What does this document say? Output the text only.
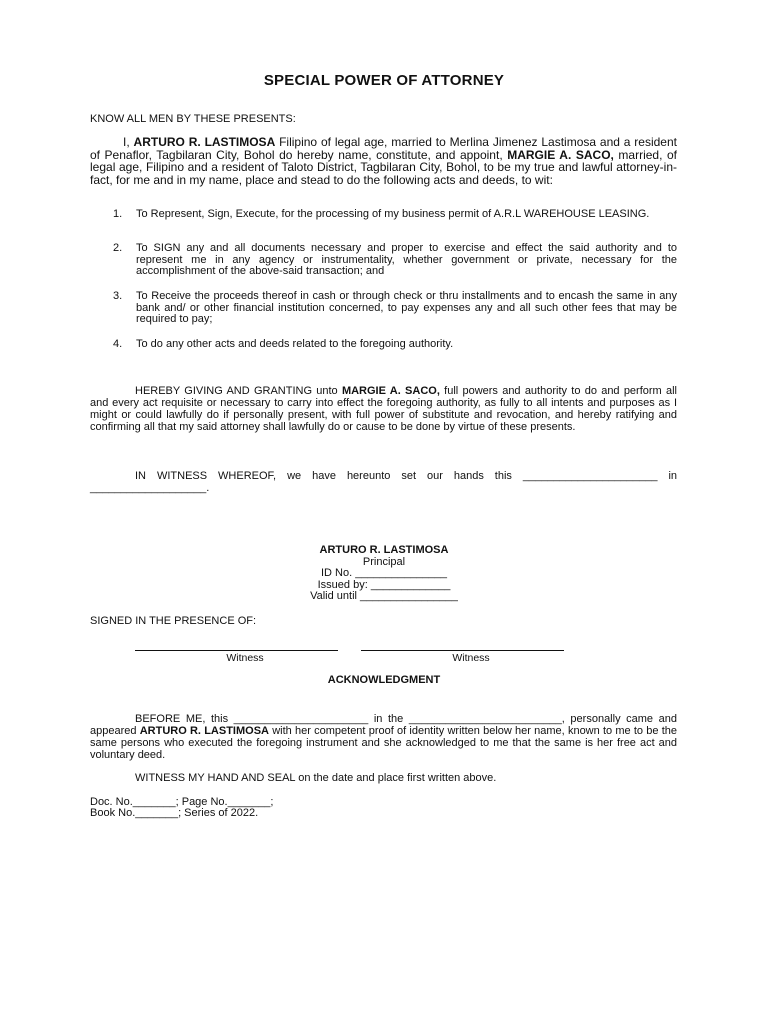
SPECIAL POWER OF ATTORNEY
KNOW ALL MEN BY THESE PRESENTS:
I, ARTURO R. LASTIMOSA Filipino of legal age, married to Merlina Jimenez Lastimosa and a resident of Penaflor, Tagbilaran City, Bohol do hereby name, constitute, and appoint, MARGIE A. SACO, married, of legal age, Filipino and a resident of Taloto District, Tagbilaran City, Bohol, to be my true and lawful attorney-in-fact, for me and in my name, place and stead to do the following acts and deeds, to wit:
1. To Represent, Sign, Execute, for the processing of my business permit of A.R.L WAREHOUSE LEASING.
2. To SIGN any and all documents necessary and proper to exercise and effect the said authority and to represent me in any agency or instrumentality, whether government or private, necessary for the accomplishment of the above-said transaction; and
3. To Receive the proceeds thereof in cash or through check or thru installments and to encash the same in any bank and/ or other financial institution concerned, to pay expenses any and all such other fees that may be required to pay;
4. To do any other acts and deeds related to the foregoing authority.
HEREBY GIVING AND GRANTING unto MARGIE A. SACO, full powers and authority to do and perform all and every act requisite or necessary to carry into effect the foregoing authority, as fully to all intents and purposes as I might or could lawfully do if personally present, with full power of substitute and revocation, and hereby ratifying and confirming all that my said attorney shall lawfully do or cause to be done by virtue of these presents.
IN WITNESS WHEREOF, we have hereunto set our hands this ______________________ in
___________________.
ARTURO R. LASTIMOSA
Principal
ID No. _______________
Issued by: _____________
Valid until ________________
SIGNED IN THE PRESENCE OF:
Witness	Witness
ACKNOWLEDGMENT
BEFORE ME, this ______________________ in the _________________________, personally came and appeared ARTURO R. LASTIMOSA with her competent proof of identity written below her name, known to me to be the same persons who executed the foregoing instrument and she acknowledged to me that the same is her free act and voluntary deed.
WITNESS MY HAND AND SEAL on the date and place first written above.
Doc. No._______; Page No._______;
Book No._______; Series of 2022.
